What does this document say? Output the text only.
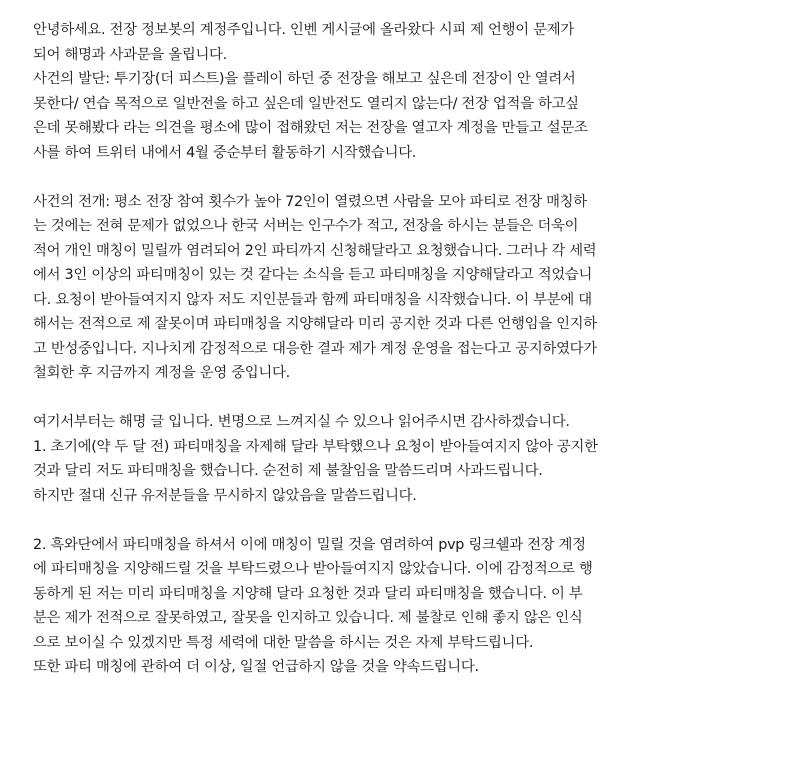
안녕하세요. 전장 정보봇의 계정주입니다. 인벤 게시글에 올라왔다 시피 제 언행이 문제가
되어 해명과 사과문을 올립니다.
사건의 발단: 투기장(더 피스트)을 플레이 하던 중 전장을 해보고 싶은데 전장이 안 열려서
못한다/ 연습 목적으로 일반전을 하고 싶은데 일반전도 열리지 않는다/ 전장 업적을 하고싶
은데 못해봤다 라는 의견을 평소에 많이 접해왔던 저는 전장을 열고자 계정을 만들고 설문조
사를 하여 트위터 내에서 4월 중순부터 활동하기 시작했습니다.
사건의 전개: 평소 전장 참여 횟수가 높아 72인이 열렸으면 사람을 모아 파티로 전장 매칭하
는 것에는 전혀 문제가 없었으나 한국 서버는 인구수가 적고, 전장을 하시는 분들은 더욱이
적어 개인 매칭이 밀릴까 염려되어 2인 파티까지 신청해달라고 요청했습니다. 그러나 각 세력
에서 3인 이상의 파티매칭이 있는 것 같다는 소식을 듣고 파티매칭을 지양해달라고 적었습니
다. 요청이 받아들여지지 않자 저도 지인분들과 함께 파티매칭을 시작했습니다. 이 부분에 대
해서는 전적으로 제 잘못이며 파티매칭을 지양해달라 미리 공지한 것과 다른 언행임을 인지하
고 반성중입니다. 지나치게 감정적으로 대응한 결과 제가 계정 운영을 접는다고 공지하였다가
철회한 후 지금까지 계정을 운영 중입니다.
여기서부터는 해명 글 입니다. 변명으로 느껴지실 수 있으나 읽어주시면 감사하겠습니다.
1. 초기에(약 두 달 전) 파티매칭을 자제해 달라 부탁했으나 요청이 받아들여지지 않아 공지한
것과 달리 저도 파티매칭을 했습니다. 순전히 제 불찰임을 말씀드리며 사과드립니다.
하지만 절대 신규 유저분들을 무시하지 않았음을 말씀드립니다.
2. 흑와단에서 파티매칭을 하셔서 이에 매칭이 밀릴 것을 염려하여 pvp 링크쉘과 전장 계정
에 파티매칭을 지양해드릴 것을 부탁드렸으나 받아들여지지 않았습니다. 이에 감정적으로 행
동하게 된 저는 미리 파티매칭을 지양해 달라 요청한 것과 달리 파티매칭을 했습니다. 이 부
분은 제가 전적으로 잘못하였고, 잘못을 인지하고 있습니다. 제 불찰로 인해 좋지 않은 인식
으로 보이실 수 있겠지만 특정 세력에 대한 말씀을 하시는 것은 자제 부탁드립니다.
또한 파티 매칭에 관하여 더 이상, 일절 언급하지 않을 것을 약속드립니다.
